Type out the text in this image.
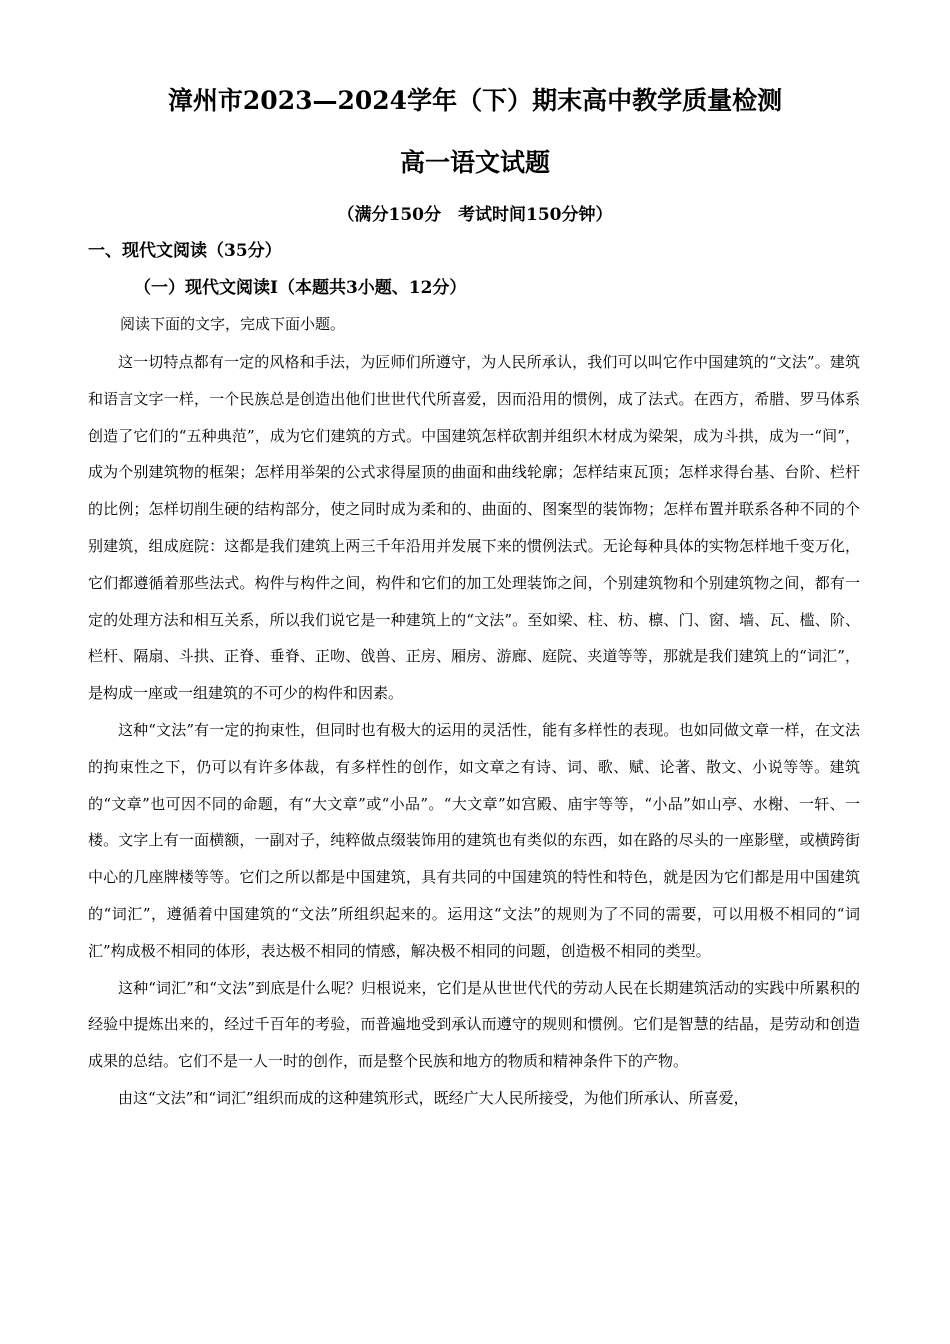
漳州市2023—2024学年（下）期末高中教学质量检测
高一语文试题
（满分150分　考试时间150分钟）
一、现代文阅读（35分）
（一）现代文阅读Ⅰ（本题共3小题、12分）
阅读下面的文字，完成下面小题。

这一切特点都有一定的风格和手法，为匠师们所遵守，为人民所承认，我们可以叫它作中国建筑的“文法”。建筑和语言文字一样，一个民族总是创造出他们世世代代所喜爱，因而沿用的惯例，成了法式。在西方，希腊、罗马体系创造了它们的“五种典范”，成为它们建筑的方式。中国建筑怎样砍割并组织木材成为梁架，成为斗拱，成为一“间”，成为个别建筑物的框架；怎样用举架的公式求得屋顶的曲面和曲线轮廓；怎样结束瓦顶；怎样求得台基、台阶、栏杆的比例；怎样切削生硬的结构部分，使之同时成为柔和的、曲面的、图案型的装饰物；怎样布置并联系各种不同的个别建筑，组成庭院：这都是我们建筑上两三千年沿用并发展下来的惯例法式。无论每种具体的实物怎样地千变万化，它们都遵循着那些法式。构件与构件之间，构件和它们的加工处理装饰之间，个别建筑物和个别建筑物之间，都有一定的处理方法和相互关系，所以我们说它是一种建筑上的“文法”。至如梁、柱、枋、檩、门、窗、墙、瓦、槛、阶、栏杆、隔扇、斗拱、正脊、垂脊、正吻、戗兽、正房、厢房、游廊、庭院、夹道等等，那就是我们建筑上的“词汇”，是构成一座或一组建筑的不可少的构件和因素。

这种“文法”有一定的拘束性，但同时也有极大的运用的灵活性，能有多样性的表现。也如同做文章一样，在文法的拘束性之下，仍可以有许多体裁，有多样性的创作，如文章之有诗、词、歌、赋、论著、散文、小说等等。建筑的“文章”也可因不同的命题，有“大文章”或“小品”。“大文章”如宫殿、庙宇等等，“小品”如山亭、水榭、一轩、一楼。文字上有一面横额，一副对子，纯粹做点缀装饰用的建筑也有类似的东西，如在路的尽头的一座影壁，或横跨街中心的几座牌楼等等。它们之所以都是中国建筑，具有共同的中国建筑的特性和特色，就是因为它们都是用中国建筑的“词汇”，遵循着中国建筑的“文法”所组织起来的。运用这“文法”的规则为了不同的需要，可以用极不相同的“词汇”构成极不相同的体形，表达极不相同的情感，解决极不相同的问题，创造极不相同的类型。

这种“词汇”和“文法”到底是什么呢？归根说来，它们是从世世代代的劳动人民在长期建筑活动的实践中所累积的经验中提炼出来的，经过千百年的考验，而普遍地受到承认而遵守的规则和惯例。它们是智慧的结晶，是劳动和创造成果的总结。它们不是一人一时的创作，而是整个民族和地方的物质和精神条件下的产物。

由这“文法”和“词汇”组织而成的这种建筑形式，既经广大人民所接受，为他们所承认、所喜爱，
